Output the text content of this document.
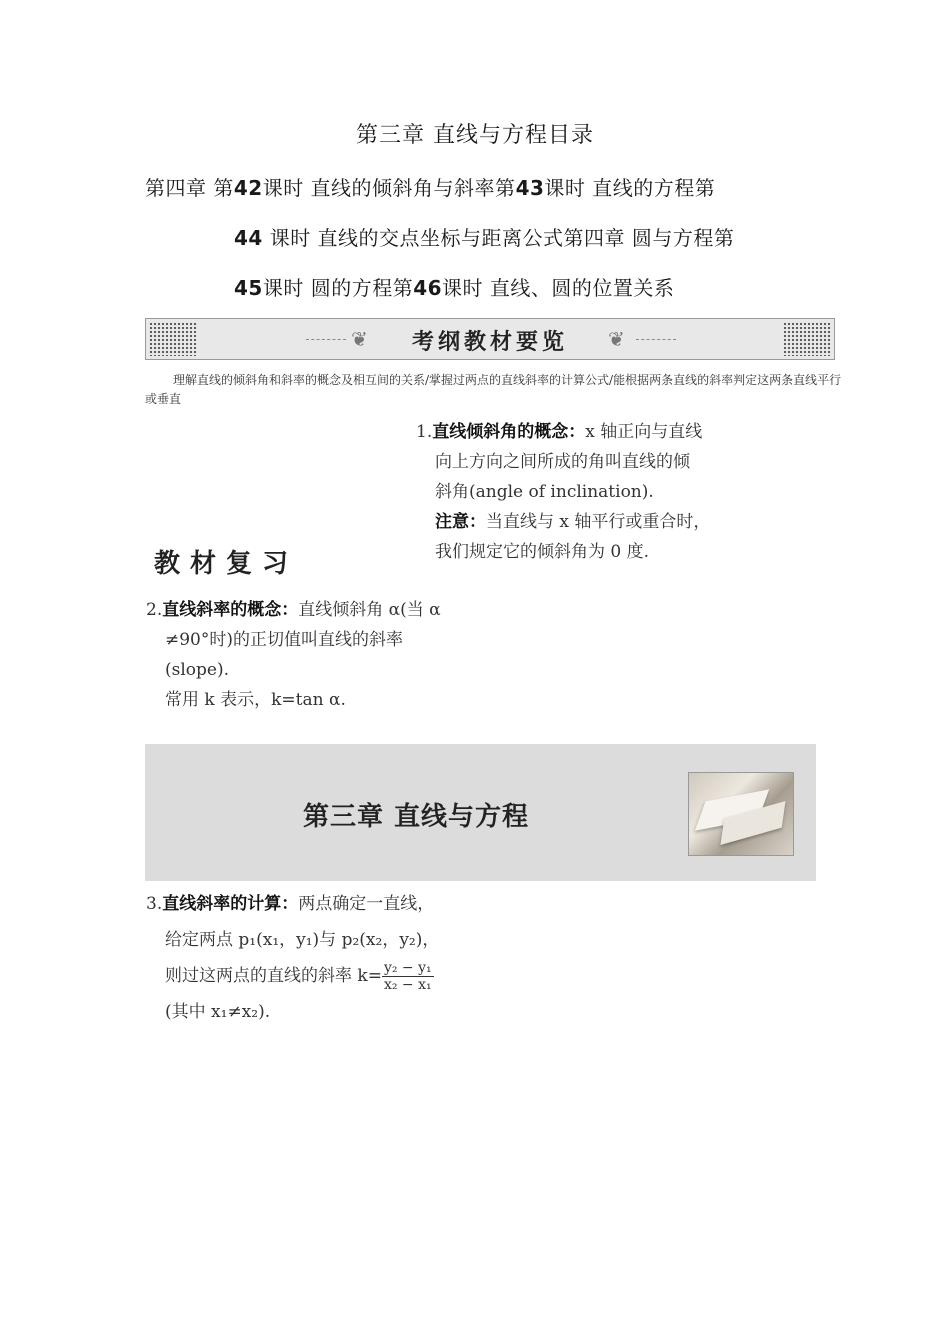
第三章 直线与方程目录
第四章 第42课时 直线的倾斜角与斜率第43课时 直线的方程第
44 课时 直线的交点坐标与距离公式第四章 圆与方程第
45课时 圆的方程第46课时 直线、圆的位置关系
❦	❦
考纲教材要览
理解直线的倾斜角和斜率的概念及相互间的关系/掌握过两点的直线斜率的计算公式/能根据两条直线的斜率判定这两条直线平行或垂直
1.直线倾斜角的概念：x 轴正向与直线
向上方向之间所成的角叫直线的倾
斜角(angle of inclination).
注意：当直线与 x 轴平行或重合时，
我们规定它的倾斜角为 0 度.
教材复习
2.直线斜率的概念：直线倾斜角 α(当 α
≠90°时)的正切值叫直线的斜率
(slope).
常用 k 表示，k=tan α.
第三章 直线与方程
3.直线斜率的计算：两点确定一直线，
给定两点 p₁(x₁，y₁)与 p₂(x₂，y₂)，
则过这两点的直线的斜率 $k= \frac{\text{y₂ − y₁}}{\text{x₂ − x₁}}$
(其中 x₁≠x₂).
